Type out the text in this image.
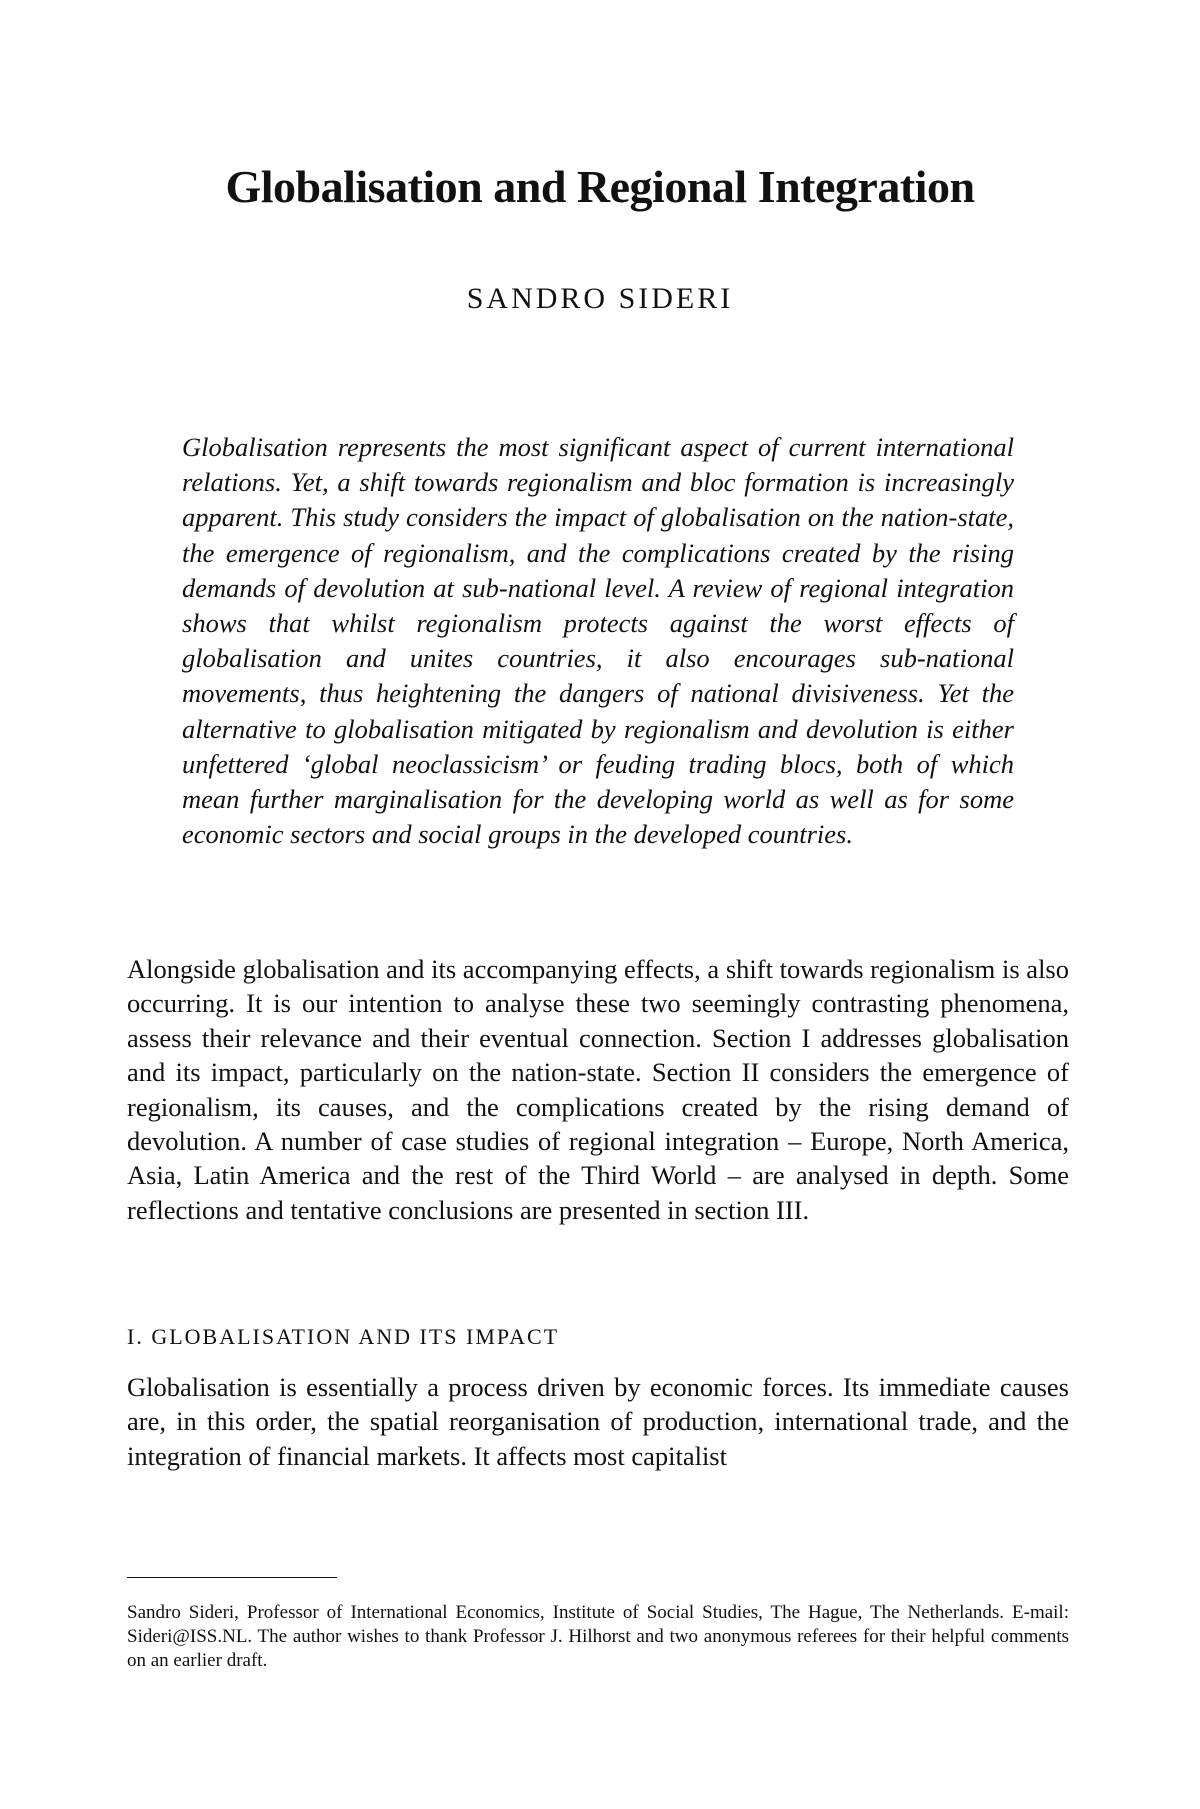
Globalisation and Regional Integration

SANDRO SIDERI

Globalisation represents the most significant aspect of current international relations. Yet, a shift towards regionalism and bloc formation is increasingly apparent. This study considers the impact of globalisation on the nation-state, the emergence of regionalism, and the complications created by the rising demands of devolution at sub-national level. A review of regional integration shows that whilst regionalism protects against the worst effects of globalisation and unites countries, it also encourages sub-national movements, thus heightening the dangers of national divisiveness. Yet the alternative to globalisation mitigated by regionalism and devolution is either unfettered ‘global neoclassicism’ or feuding trading blocs, both of which mean further marginalisation for the developing world as well as for some economic sectors and social groups in the developed countries.

Alongside globalisation and its accompanying effects, a shift towards regionalism is also occurring. It is our intention to analyse these two seemingly contrasting phenomena, assess their relevance and their eventual connection. Section I addresses globalisation and its impact, particularly on the nation-state. Section II considers the emergence of regionalism, its causes, and the complications created by the rising demand of devolution. A number of case studies of regional integration – Europe, North America, Asia, Latin America and the rest of the Third World – are analysed in depth. Some reflections and tentative conclusions are presented in section III.

I. GLOBALISATION AND ITS IMPACT

Globalisation is essentially a process driven by economic forces. Its immediate causes are, in this order, the spatial reorganisation of production, international trade, and the integration of financial markets. It affects most capitalist

Sandro Sideri, Professor of International Economics, Institute of Social Studies, The Hague, The Netherlands. E-mail: Sideri@ISS.NL. The author wishes to thank Professor J. Hilhorst and two anonymous referees for their helpful comments on an earlier draft.
